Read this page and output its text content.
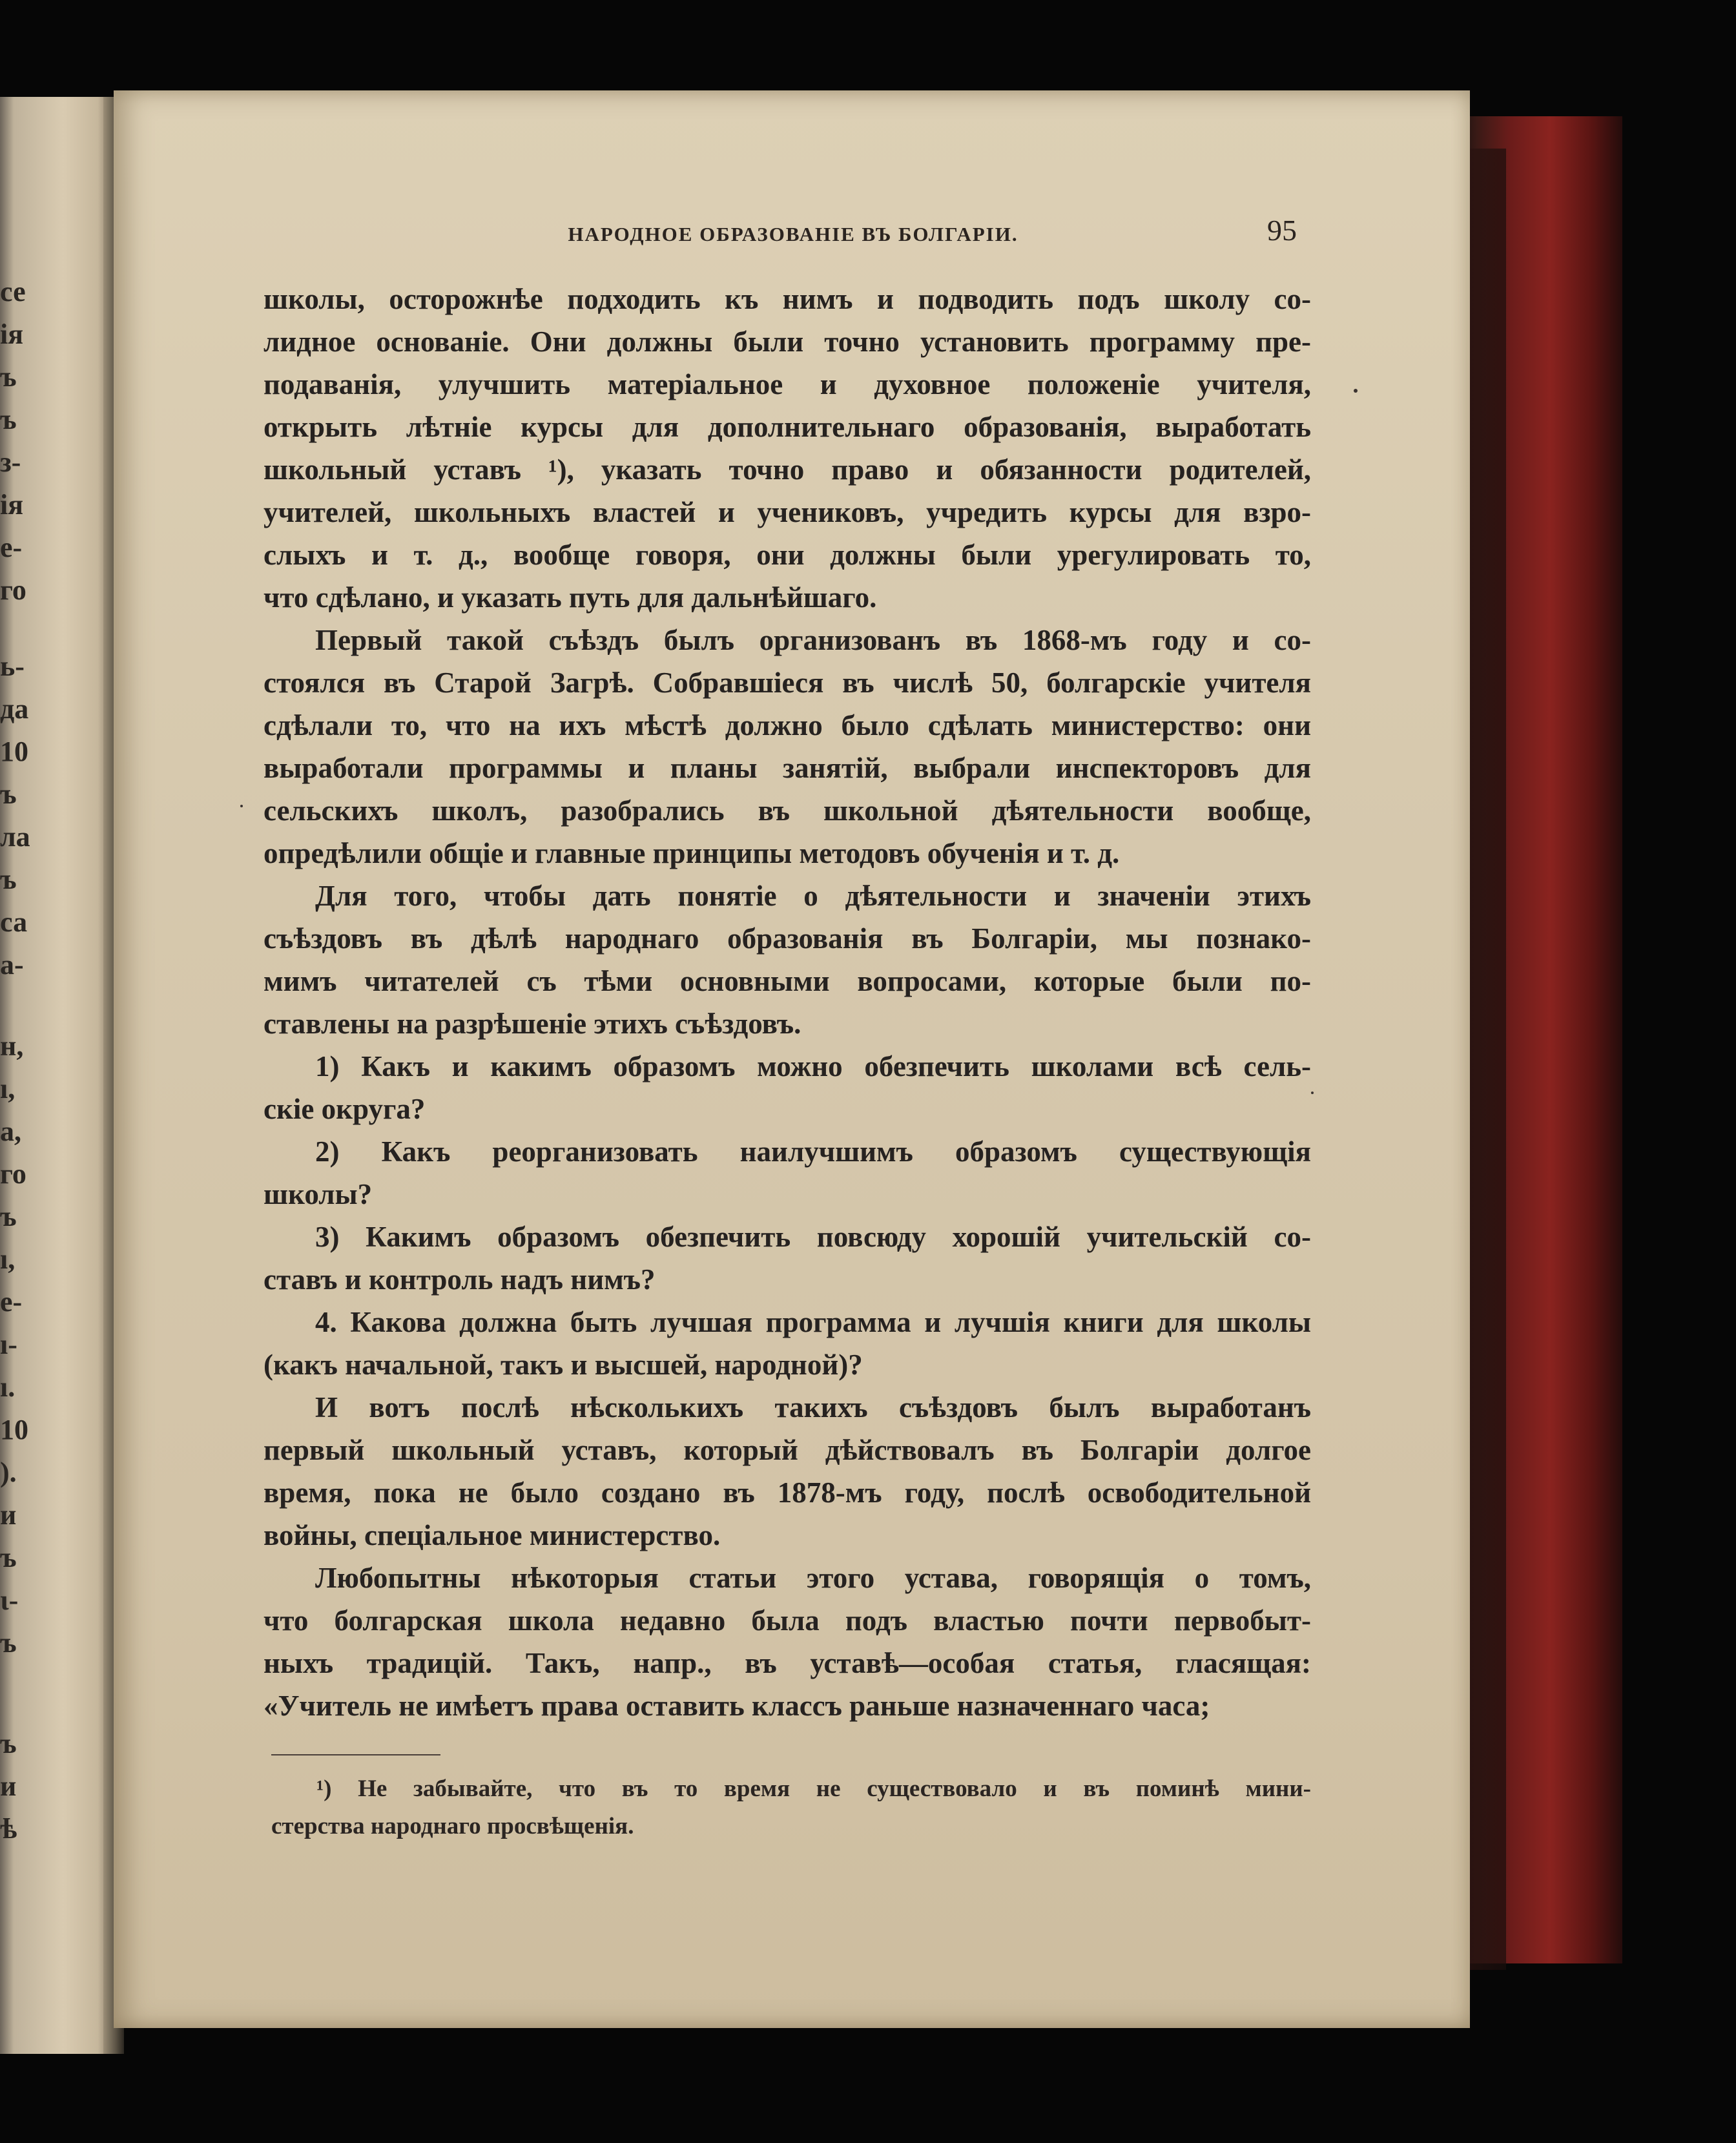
се
ія
ъ
ъ
з-
ія
е-
го
ь-
да
10
ъ
ла
ъ
са
а-
н,
ı,
а,
го
ъ
ı,
е-
ı-
ı.
10
).
и
ъ
ι-
ъ
ъ
и
ѣ
НАРОДНОЕ ОБРАЗОВАНІЕ ВЪ БОЛГАРІИ.	95
школы, осторожнѣе подходить къ нимъ и подводить подъ школу со-
лидное основаніе. Они должны были точно установить программу пре-
подаванія, улучшить матеріальное и духовное положеніе учителя,
открыть лѣтніе курсы для дополнительнаго образованія, выработать
школьный уставъ ¹), указать точно право и обязанности родителей,
учителей, школьныхъ властей и учениковъ, учредить курсы для взро-
слыхъ и т. д., вообще говоря, они должны были урегулировать то,
что сдѣлано, и указать путь для дальнѣйшаго.
Первый такой съѣздъ былъ организованъ въ 1868-мъ году и со-
стоялся въ Старой Загрѣ. Собравшіеся въ числѣ 50, болгарскіе учителя
сдѣлали то, что на ихъ мѣстѣ должно было сдѣлать министерство: они
выработали программы и планы занятій, выбрали инспекторовъ для
сельскихъ школъ, разобрались въ школьной дѣятельности вообще,
опредѣлили общіе и главные принципы методовъ обученія и т. д.
Для того, чтобы дать понятіе о дѣятельности и значеніи этихъ
съѣздовъ въ дѣлѣ народнаго образованія въ Болгаріи, мы познако-
мимъ читателей съ тѣми основными вопросами, которые были по-
ставлены на разрѣшеніе этихъ съѣздовъ.
1) Какъ и какимъ образомъ можно обезпечить школами всѣ сель-
скіе округа?
2) Какъ реорганизовать наилучшимъ образомъ существующія
школы?
3) Какимъ образомъ обезпечить повсюду хорошій учительскій со-
ставъ и контроль надъ нимъ?
4. Какова должна быть лучшая программа и лучшія книги для школы
(какъ начальной, такъ и высшей, народной)?
И вотъ послѣ нѣсколькихъ такихъ съѣздовъ былъ выработанъ
первый школьный уставъ, который дѣйствовалъ въ Болгаріи долгое
время, пока не было создано въ 1878-мъ году, послѣ освободительной
войны, спеціальное министерство.
Любопытны нѣкоторыя статьи этого устава, говорящія о томъ,
что болгарская школа недавно была подъ властью почти первобыт-
ныхъ традицій. Такъ, напр., въ уставѣ—особая статья, гласящая:
«Учитель не имѣетъ права оставить классъ раньше назначеннаго часа;
¹) Не забывайте, что въ то время не существовало и въ поминѣ мини-
стерства народнаго просвѣщенія.
